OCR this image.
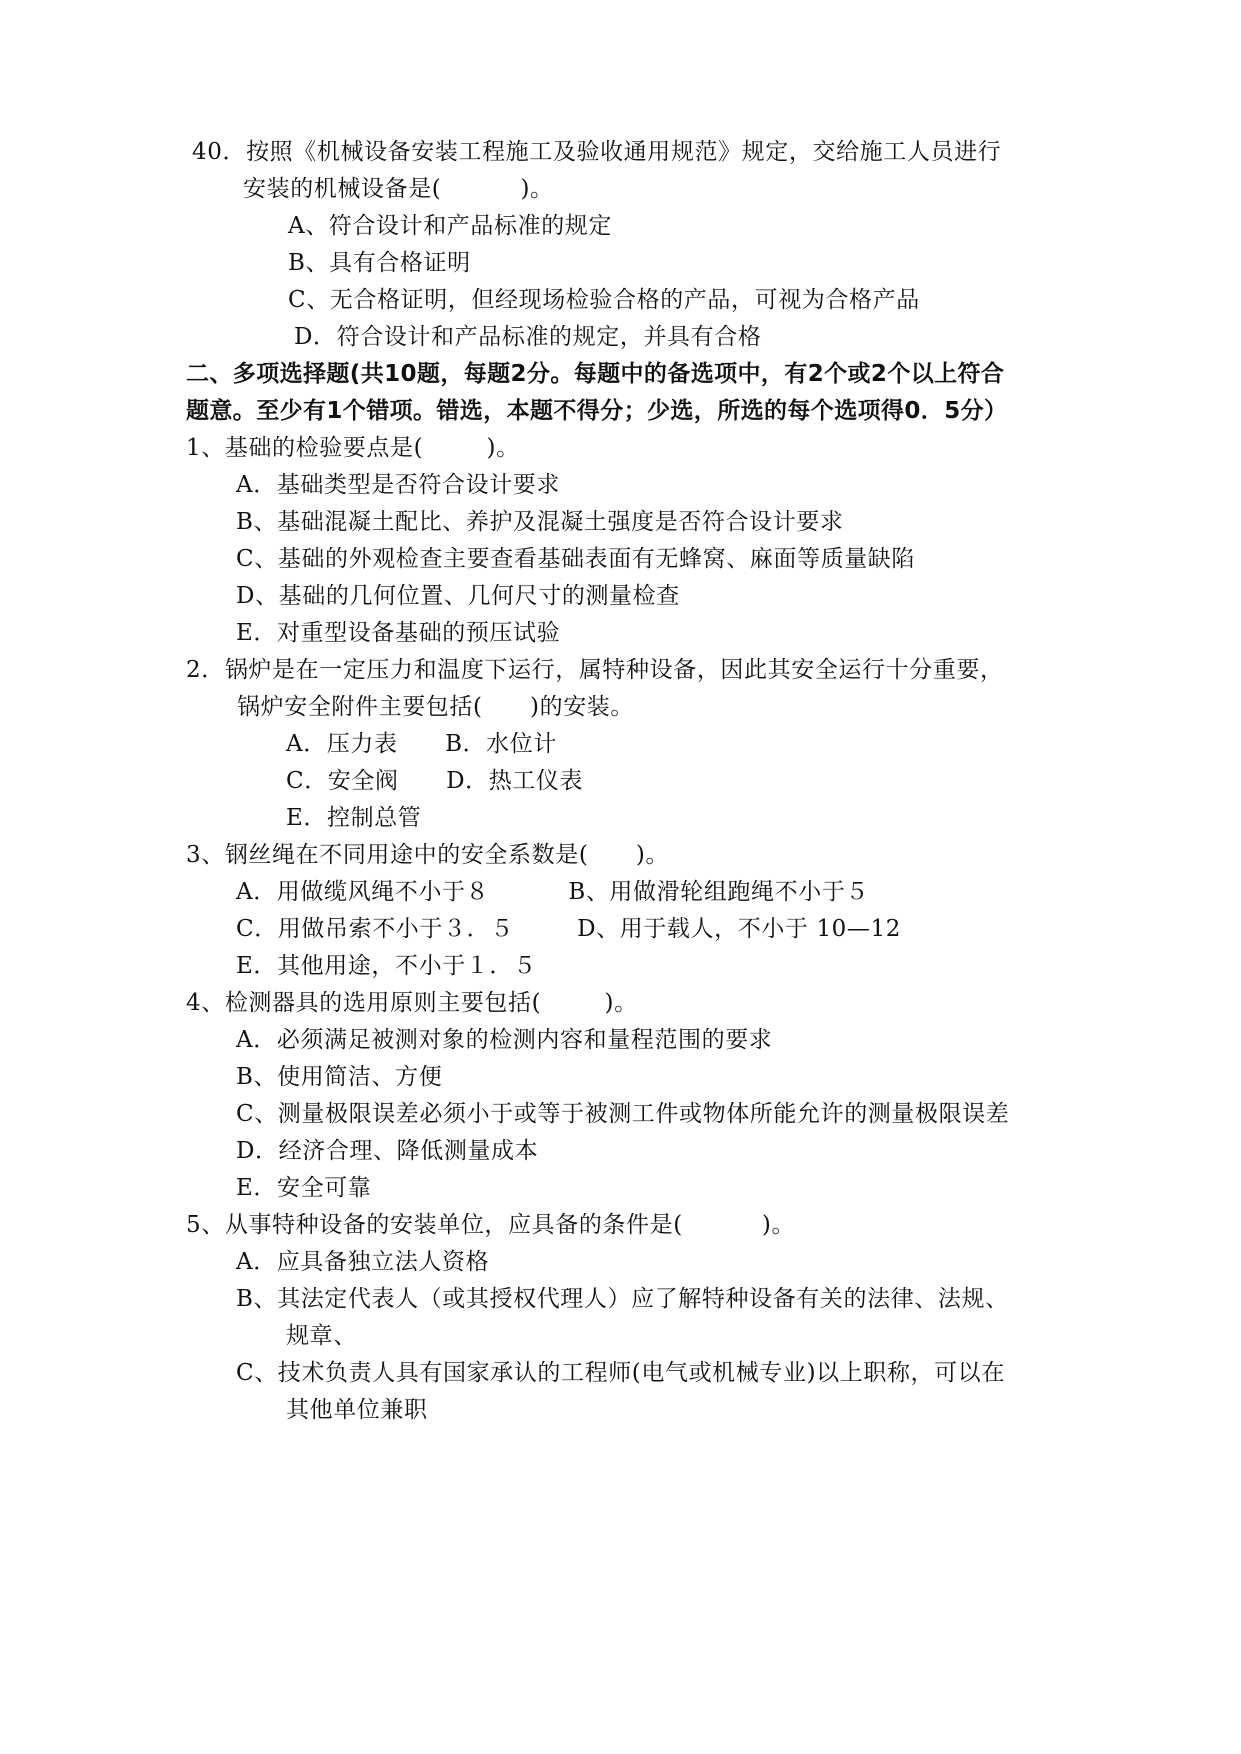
40．按照《机械设备安装工程施工及验收通用规范》规定，交给施工人员进行
安装的机械设备是(          )。
A、符合设计和产品标准的规定
B、具有合格证明
C、无合格证明，但经现场检验合格的产品，可视为合格产品
D．符合设计和产品标准的规定，并具有合格
二、多项选择题(共10题，每题2分。每题中的备选项中，有2个或2个以上符合
题意。至少有1个错项。错选，本题不得分；少选，所选的每个选项得0．5分）
1、基础的检验要点是(        )。
A．基础类型是否符合设计要求
B、基础混凝土配比、养护及混凝土强度是否符合设计要求
C、基础的外观检查主要查看基础表面有无蜂窝、麻面等质量缺陷
D、基础的几何位置、几何尺寸的测量检查
E．对重型设备基础的预压试验
2．锅炉是在一定压力和温度下运行，属特种设备，因此其安全运行十分重要，
锅炉安全附件主要包括(      )的安装。
A．压力表      B．水位计
C．安全阀      D．热工仪表
E．控制总管
3、钢丝绳在不同用途中的安全系数是(      )。
A．用做缆风绳不小于８          B、用做滑轮组跑绳不小于５
C．用做吊索不小于３．５        D、用于载人，不小于 10—12
E．其他用途，不小于１．５
4、检测器具的选用原则主要包括(        )。
A．必须满足被测对象的检测内容和量程范围的要求
B、使用简洁、方便
C、测量极限误差必须小于或等于被测工件或物体所能允许的测量极限误差
D．经济合理、降低测量成本
E．安全可靠
5、从事特种设备的安装单位，应具备的条件是(          )。
A．应具备独立法人资格
B、其法定代表人（或其授权代理人）应了解特种设备有关的法律、法规、
规章、
C、技术负责人具有国家承认的工程师(电气或机械专业)以上职称，可以在
其他单位兼职
